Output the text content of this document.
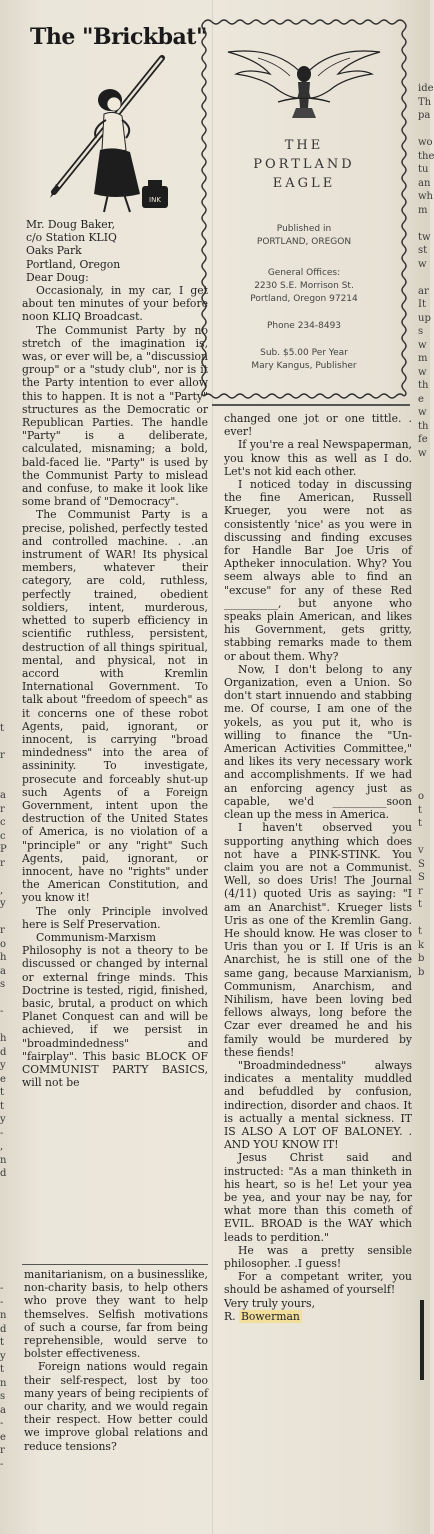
t

r

a
r
c
c
P
r

,
y

r
o
h
a
s

-

h
d
y
e
t
t
y
-
,
n
d
-
-
n
d
t
y
t
n
s
a
-
e
r
-
ide
Th
pa

wo
the
tu
an
wh
m

tw
st
w

ar
It
up
s
w
m
w
th
e
w
th
fe
w
o
t
t

v
S
S
r
t

t
k
b
b
The "Brickbat"
INK
THE
PORTLAND
EAGLE
Published in
PORTLAND, OREGON
General Offices:
2230 S.E. Morrison St.
Portland, Oregon 97214
Phone 234-8493
Sub. $5.00 Per Year
Mary Kangus, Publisher

Mr. Doug Baker,

c/o Station KLIQ

Oaks Park

Portland, Oregon

Dear Doug:

Occasionaly, in my car, I get about ten minutes of your before noon KLIQ Broadcast.

The Communist Party by no stretch of the imagination is, was, or ever will be, a "discussion group" or a "study club", nor is it the Party intention to ever allow this to happen. It is not a "Party" structures as the Democratic or Republican Parties. The handle "Party" is a deliberate, calculated, misnaming; a bold, bald-faced lie. "Party" is used by the Communist Party to mislead and confuse, to make it look like some brand of "Democracy".

The Communist Party is a precise, polished, perfectly tested and controlled machine. . .an instrument of WAR! Its physical members, whatever their category, are cold, ruthless, perfectly trained, obedient soldiers, intent, murderous, whetted to superb efficiency in scientific ruthless, persistent, destruction of all things spiritual, mental, and physical, not in accord with Kremlin International Government. To talk about "freedom of speech" as it concerns one of these robot Agents, paid, ignorant, or innocent, is carrying "broad mindedness" into the area of assininity. To investigate, prosecute and forceably shut-up such Agents of a Foreign Government, intent upon the destruction of the United States of America, is no violation of a "principle" or any "right" Such Agents, paid, ignorant, or innocent, have no "rights" under the American Constitution, and you know it!

The only Principle involved here is Self Preservation.

Communism-Marxism Philosophy is not a theory to be discussed or changed by internal or external fringe minds. This Doctrine is tested, rigid, finished, basic, brutal, a product on which Planet Conquest can and will be achieved, if we persist in "broadmindedness" and "fairplay". This basic BLOCK OF COMMUNIST PARTY BASICS, will not be

manitarianism, on a businesslike, non-charity basis, to help others who prove they want to help themselves. Selfish motivations of such a course, far from being reprehensible, would serve to bolster effectiveness.

Foreign nations would regain their self-respect, lost by too many years of being recipients of our charity, and we would regain their respect. How better could we improve global relations and reduce tensions?

changed one jot or one tittle. . ever!

If you're a real Newspaperman, you know this as well as I do. Let's not kid each other.

I noticed today in discussing the fine American, Russell Krueger, you were not as consistently 'nice' as you were in discussing and finding excuses for Handle Bar Joe Uris of Aptheker innoculation. Why? You seem always able to find an "excuse" for any of these Red __________, but anyone who speaks plain American, and likes his Government, gets gritty, stabbing remarks made to them or about them. Why?

Now, I don't belong to any Organization, even a Union. So don't start innuendo and stabbing me. Of course, I am one of the yokels, as you put it, who is willing to finance the "Un-American Activities Committee," and likes its very necessary work and accomplishments. If we had an enforcing agency just as capable, we'd __________soon clean up the mess in America.

I haven't observed you supporting anything which does not have a PINK-STINK. You claim you are not a Communist. Well, so does Uris! The Journal (4/11) quoted Uris as saying: "I am an Anarchist". Krueger lists Uris as one of the Kremlin Gang. He should know. He was closer to Uris than you or I. If Uris is an Anarchist, he is still one of the same gang, because Marxianism, Communism, Anarchism, and Nihilism, have been loving bed fellows always, long before the Czar ever dreamed he and his family would be murdered by these fiends!

"Broadmindedness" always indicates a mentality muddled and befuddled by confusion, indirection, disorder and chaos. It is actually a mental sickness. IT IS ALSO A LOT OF BALONEY. . AND YOU KNOW IT!

Jesus Christ said and instructed: "As a man thinketh in his heart, so is he! Let your yea be yea, and your nay be nay, for what more than this cometh of EVIL. BROAD is the WAY which leads to perdition."

He was a pretty sensible philosopher. .I guess!

For a competant writer, you should be ashamed of yourself!

Very truly yours,

R. Bowerman
